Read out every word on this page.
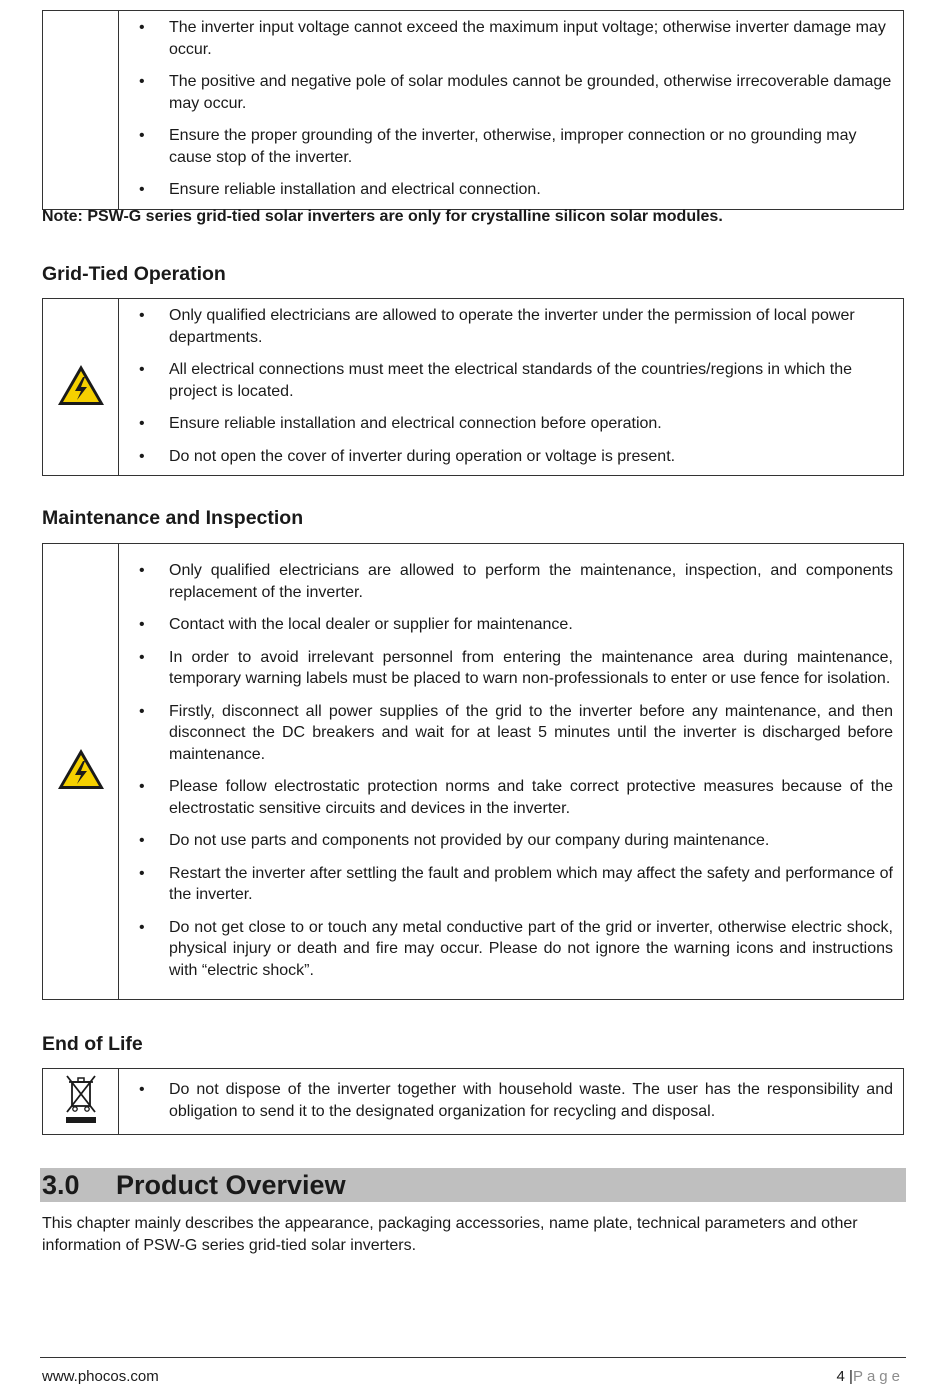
• The inverter input voltage cannot exceed the maximum input voltage; otherwise inverter damage may occur.
• The positive and negative pole of solar modules cannot be grounded, otherwise irrecoverable damage may occur.
• Ensure the proper grounding of the inverter, otherwise, improper connection or no grounding may cause stop of the inverter.
• Ensure reliable installation and electrical connection.
Note: PSW-G series grid-tied solar inverters are only for crystalline silicon solar modules.
Grid-Tied Operation

• Only qualified electricians are allowed to operate the inverter under the permission of local power departments.
• All electrical connections must meet the electrical standards of the countries/regions in which the project is located.
• Ensure reliable installation and electrical connection before operation.
• Do not open the cover of inverter during operation or voltage is present.
Maintenance and Inspection

• Only qualified electricians are allowed to perform the maintenance, inspection, and components replacement of the inverter.
• Contact with the local dealer or supplier for maintenance.
• In order to avoid irrelevant personnel from entering the maintenance area during maintenance, temporary warning labels must be placed to warn non-professionals to enter or use fence for isolation.
• Firstly, disconnect all power supplies of the grid to the inverter before any maintenance, and then disconnect the DC breakers and wait for at least 5 minutes until the inverter is discharged before maintenance.
• Please follow electrostatic protection norms and take correct protective measures because of the electrostatic sensitive circuits and devices in the inverter.
• Do not use parts and components not provided by our company during maintenance.
• Restart the inverter after settling the fault and problem which may affect the safety and performance of the inverter.
• Do not get close to or touch any metal conductive part of the grid or inverter, otherwise electric shock, physical injury or death and fire may occur. Please do not ignore the warning icons and instructions with “electric shock”.
End of Life

• Do not dispose of the inverter together with household waste. The user has the responsibility and obligation to send it to the designated organization for recycling and disposal.
3.0 Product Overview
This chapter mainly describes the appearance, packaging accessories, name plate, technical parameters and other information of PSW-G series grid-tied solar inverters.
www.phocos.com	4 |Page
